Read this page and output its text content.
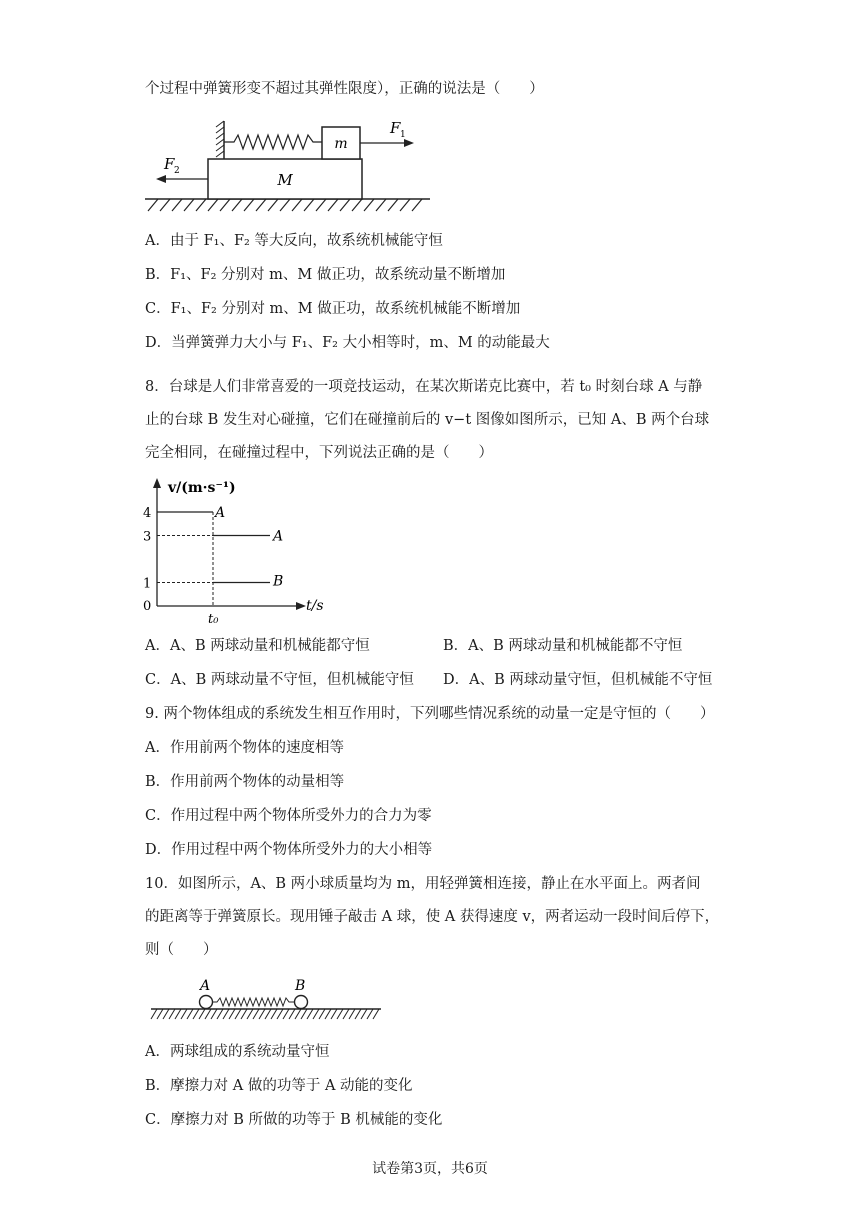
个过程中弹簧形变不超过其弹性限度），正确的说法是（　　）
M
m
F 1
F 2
A．由于 F₁、F₂ 等大反向，故系统机械能守恒
B．F₁、F₂ 分别对 m、M 做正功，故系统动量不断增加
C．F₁、F₂ 分别对 m、M 做正功，故系统机械能不断增加
D．当弹簧弹力大小与 F₁、F₂ 大小相等时，m、M 的动能最大
8．台球是人们非常喜爱的一项竞技运动，在某次斯诺克比赛中，若 t₀ 时刻台球 A 与静
止的台球 B 发生对心碰撞，它们在碰撞前后的 v−t 图像如图所示，已知 A、B 两个台球
完全相同，在碰撞过程中，下列说法正确的是（　　）
v/(m·s⁻¹)
t/s
0
4
3
1
t₀
A
A
B
A．A、B 两球动量和机械能都守恒	B．A、B 两球动量和机械能都不守恒
C．A、B 两球动量不守恒，但机械能守恒 D．A、B 两球动量守恒，但机械能不守恒
9. 两个物体组成的系统发生相互作用时，下列哪些情况系统的动量一定是守恒的（　　）
A．作用前两个物体的速度相等
B．作用前两个物体的动量相等
C．作用过程中两个物体所受外力的合力为零
D．作用过程中两个物体所受外力的大小相等
10．如图所示，A、B 两小球质量均为 m，用轻弹簧相连接，静止在水平面上。两者间
的距离等于弹簧原长。现用锤子敲击 A 球，使 A 获得速度 v，两者运动一段时间后停下，
则（　　）
A	B
A．两球组成的系统动量守恒
B．摩擦力对 A 做的功等于 A 动能的变化
C．摩擦力对 B 所做的功等于 B 机械能的变化
试卷第3页，共6页
